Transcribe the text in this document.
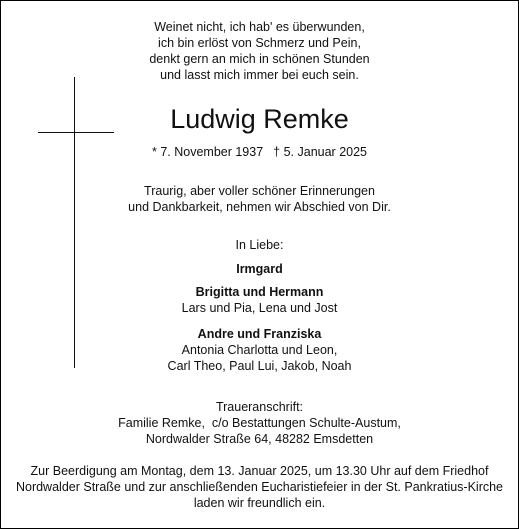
Weinet nicht, ich hab' es überwunden,
ich bin erlöst von Schmerz und Pein,
denkt gern an mich in schönen Stunden
und lasst mich immer bei euch sein.
Ludwig Remke
* 7. November 1937 † 5. Januar 2025
Traurig, aber voller schöner Erinnerungen
und Dankbarkeit, nehmen wir Abschied von Dir.
In Liebe:
Irmgard
Brigitta und Hermann
Lars und Pia, Lena und Jost
Andre und Franziska
Antonia Charlotta und Leon,
Carl Theo, Paul Lui, Jakob, Noah
Traueranschrift:
Familie Remke,  c/o Bestattungen Schulte-Austum,
Nordwalder Straße 64, 48282 Emsdetten
Zur Beerdigung am Montag, dem 13. Januar 2025, um 13.30 Uhr auf dem Friedhof
Nordwalder Straße und zur anschließenden Eucharistiefeier in der St. Pankratius-Kirche
laden wir freundlich ein.
